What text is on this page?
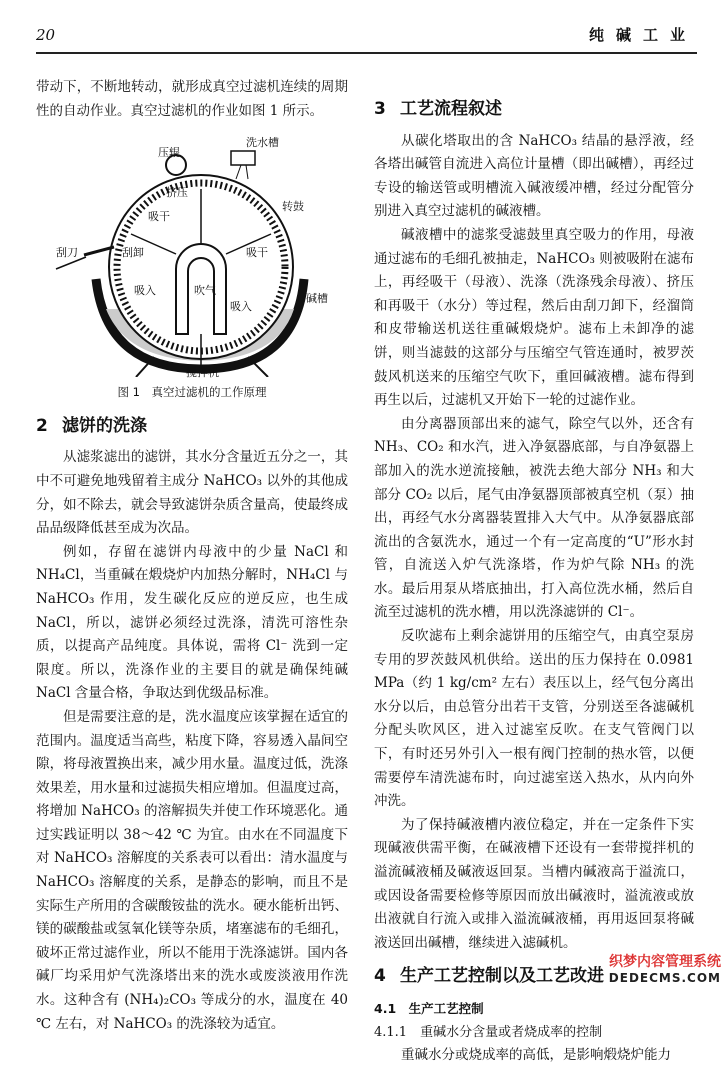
20	纯碱工业

带动下，不断地转动，就形成真空过滤机连续的周期性的自动作业。真空过滤机的作业如图 1 所示。

洗水槽
压辊
挤压
转鼓
吸干
刮刀	刮卸	吸干
吸入	吹气
吸入
碱槽
搅拌机
图 1　真空过滤机的工作原理
2 滤饼的洗涤

从滤浆滤出的滤饼，其水分含量近五分之一，其中不可避免地残留着主成分 NaHCO₃ 以外的其他成分，如不除去，就会导致滤饼杂质含量高，使最终成品品级降低甚至成为次品。

例如，存留在滤饼内母液中的少量 NaCl 和 NH₄Cl，当重碱在煅烧炉内加热分解时，NH₄Cl 与 NaHCO₃ 作用，发生碳化反应的逆反应，也生成 NaCl，所以，滤饼必须经过洗涤，清洗可溶性杂质，以提高产品纯度。具体说，需将 Cl⁻ 洗到一定限度。所以，洗涤作业的主要目的就是确保纯碱 NaCl 含量合格，争取达到优级品标准。

但是需要注意的是，洗水温度应该掌握在适宜的范围内。温度适当高些，粘度下降，容易透入晶间空隙，将母液置换出来，减少用水量。温度过低，洗涤效果差，用水量和过滤损失相应增加。但温度过高，将增加 NaHCO₃ 的溶解损失并使工作环境恶化。通过实践证明以 38～42 ℃ 为宜。由水在不同温度下对 NaHCO₃ 溶解度的关系表可以看出：清水温度与 NaHCO₃ 溶解度的关系，是静态的影响，而且不是实际生产所用的含碳酸铵盐的洗水。硬水能析出钙、镁的碳酸盐或氢氧化镁等杂质，堵塞滤布的毛细孔，破坏正常过滤作业，所以不能用于洗涤滤饼。国内各碱厂均采用炉气洗涤塔出来的洗水或废淡液用作洗水。这种含有 (NH₄)₂CO₃ 等成分的水，温度在 40 ℃ 左右，对 NaHCO₃ 的洗涤较为适宜。

3 工艺流程叙述

从碳化塔取出的含 NaHCO₃ 结晶的悬浮液，经各塔出碱管自流进入高位计量槽（即出碱槽），再经过专设的输送管或明槽流入碱液缓冲槽，经过分配管分别进入真空过滤机的碱液槽。

碱液槽中的滤浆受滤鼓里真空吸力的作用，母液通过滤布的毛细孔被抽走，NaHCO₃ 则被吸附在滤布上，再经吸干（母液）、洗涤（洗涤残余母液）、挤压和再吸干（水分）等过程，然后由刮刀卸下，经溜筒和皮带输送机送往重碱煅烧炉。滤布上未卸净的滤饼，则当滤鼓的这部分与压缩空气管连通时，被罗茨鼓风机送来的压缩空气吹下，重回碱液槽。滤布得到再生以后，过滤机又开始下一轮的过滤作业。

由分离器顶部出来的滤气，除空气以外，还含有 NH₃、CO₂ 和水汽，进入净氨器底部，与自净氨器上部加入的洗水逆流接触，被洗去绝大部分 NH₃ 和大部分 CO₂ 以后，尾气由净氨器顶部被真空机（泵）抽出，再经气水分离器装置排入大气中。从净氨器底部流出的含氨洗水，通过一个有一定高度的“U”形水封管，自流送入炉气洗涤塔，作为炉气除 NH₃ 的洗水。最后用泵从塔底抽出，打入高位洗水桶，然后自流至过滤机的洗水槽，用以洗涤滤饼的 Cl⁻。

反吹滤布上剩余滤饼用的压缩空气，由真空泵房专用的罗茨鼓风机供给。送出的压力保持在 0.0981 MPa（约 1 kg/cm² 左右）表压以上，经气包分离出水分以后，由总管分出若干支管，分别送至各滤碱机分配头吹风区，进入过滤室反吹。在支气管阀门以下，有时还另外引入一根有阀门控制的热水管，以便需要停车清洗滤布时，向过滤室送入热水，从内向外冲洗。

为了保持碱液槽内液位稳定，并在一定条件下实现碱液供需平衡，在碱液槽下还设有一套带搅拌机的溢流碱液桶及碱液返回泵。当槽内碱液高于溢流口，或因设备需要检修等原因而放出碱液时，溢流液或放出液就自行流入或排入溢流碱液桶，再用返回泵将碱液送回出碱槽，继续进入滤碱机。

4 生产工艺控制以及工艺改进
4.1　生产工艺控制
4.1.1　重碱水分含量或者烧成率的控制

重碱水分或烧成率的高低，是影响煅烧炉能力

织梦内容管理系统
DEDECMS.COM
